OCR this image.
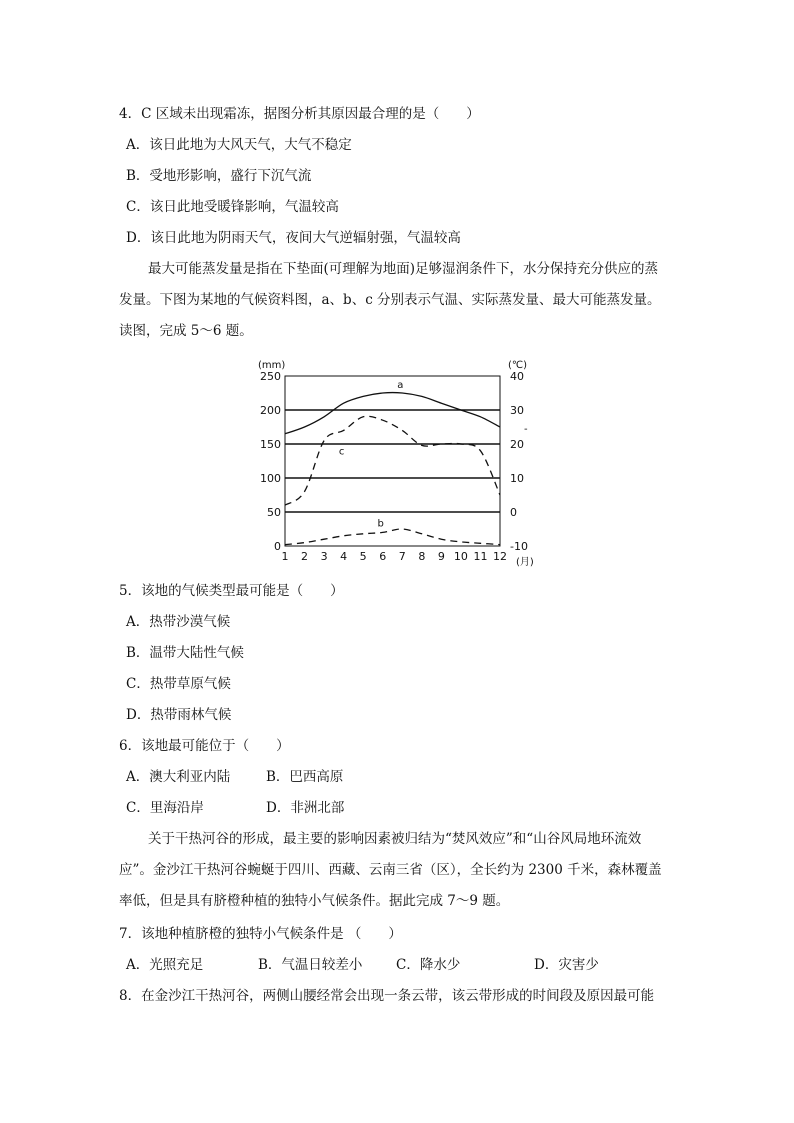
4．C 区域未出现霜冻，据图分析其原因最合理的是（　　）
A．该日此地为大风天气，大气不稳定
B．受地形影响，盛行下沉气流
C．该日此地受暖锋影响，气温较高
D．该日此地为阴雨天气，夜间大气逆辐射强，气温较高
最大可能蒸发量是指在下垫面(可理解为地面)足够湿润条件下，水分保持充分供应的蒸
发量。下图为某地的气候资料图，a、b、c 分别表示气温、实际蒸发量、最大可能蒸发量。
读图，完成 5～6 题。
(mm)	(℃)
250
200
150
100
50
0
40
30
20
10
0
-10
1 2 3 4 5 6 7 8 9 10 11 12
a
c
b
(月)
-
5．该地的气候类型最可能是（　　）
A．热带沙漠气候
B．温带大陆性气候
C．热带草原气候
D．热带雨林气候
6．该地最可能位于（　　）
A．澳大利亚内陆	B．巴西高原
C．里海沿岸	D．非洲北部
关于干热河谷的形成，最主要的影响因素被归结为“焚风效应”和“山谷风局地环流效
应”。金沙江干热河谷蜿蜒于四川、西藏、云南三省（区），全长约为 2300 千米，森林覆盖
率低，但是具有脐橙种植的独特小气候条件。据此完成 7～9 题。
7．该地种植脐橙的独特小气候条件是 （　　）
A．光照充足	B．气温日较差小 C．降水少	D．灾害少
8．在金沙江干热河谷，两侧山腰经常会出现一条云带，该云带形成的时间段及原因最可能
